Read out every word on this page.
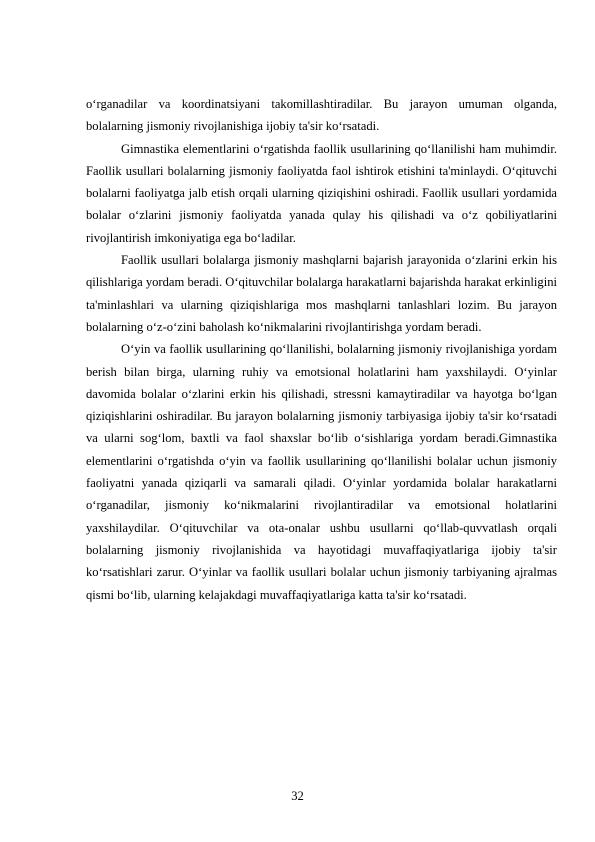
o‘rganadilar va koordinatsiyani takomillashtiradilar. Bu jarayon umuman olganda, bolalarning jismoniy rivojlanishiga ijobiy ta'sir ko‘rsatadi.

Gimnastika elementlarini o‘rgatishda faollik usullarining qo‘llanilishi ham muhimdir. Faollik usullari bolalarning jismoniy faoliyatda faol ishtirok etishini ta'minlaydi. O‘qituvchi bolalarni faoliyatga jalb etish orqali ularning qiziqishini oshiradi. Faollik usullari yordamida bolalar o‘zlarini jismoniy faoliyatda yanada qulay his qilishadi va o‘z qobiliyatlarini rivojlantirish imkoniyatiga ega bo‘ladilar.

Faollik usullari bolalarga jismoniy mashqlarni bajarish jarayonida o‘zlarini erkin his qilishlariga yordam beradi. O‘qituvchilar bolalarga harakatlarni bajarishda harakat erkinligini ta'minlashlari va ularning qiziqishlariga mos mashqlarni tanlashlari lozim. Bu jarayon bolalarning o‘z-o‘zini baholash ko‘nikmalarini rivojlantirishga yordam beradi.

O‘yin va faollik usullarining qo‘llanilishi, bolalarning jismoniy rivojlanishiga yordam berish bilan birga, ularning ruhiy va emotsional holatlarini ham yaxshilaydi. O‘yinlar davomida bolalar o‘zlarini erkin his qilishadi, stressni kamaytiradilar va hayotga bo‘lgan qiziqishlarini oshiradilar. Bu jarayon bolalarning jismoniy tarbiyasiga ijobiy ta'sir ko‘rsatadi va ularni sog‘lom, baxtli va faol shaxslar bo‘lib o‘sishlariga yordam beradi.Gimnastika elementlarini o‘rgatishda o‘yin va faollik usullarining qo‘llanilishi bolalar uchun jismoniy faoliyatni yanada qiziqarli va samarali qiladi. O‘yinlar yordamida bolalar harakatlarni o‘rganadilar, jismoniy ko‘nikmalarini rivojlantiradilar va emotsional holatlarini yaxshilaydilar. O‘qituvchilar va ota-onalar ushbu usullarni qo‘llab-quvvatlash orqali bolalarning jismoniy rivojlanishida va hayotidagi muvaffaqiyatlariga ijobiy ta'sir ko‘rsatishlari zarur. O‘yinlar va faollik usullari bolalar uchun jismoniy tarbiyaning ajralmas qismi bo‘lib, ularning kelajakdagi muvaffaqiyatlariga katta ta'sir ko‘rsatadi.

32
